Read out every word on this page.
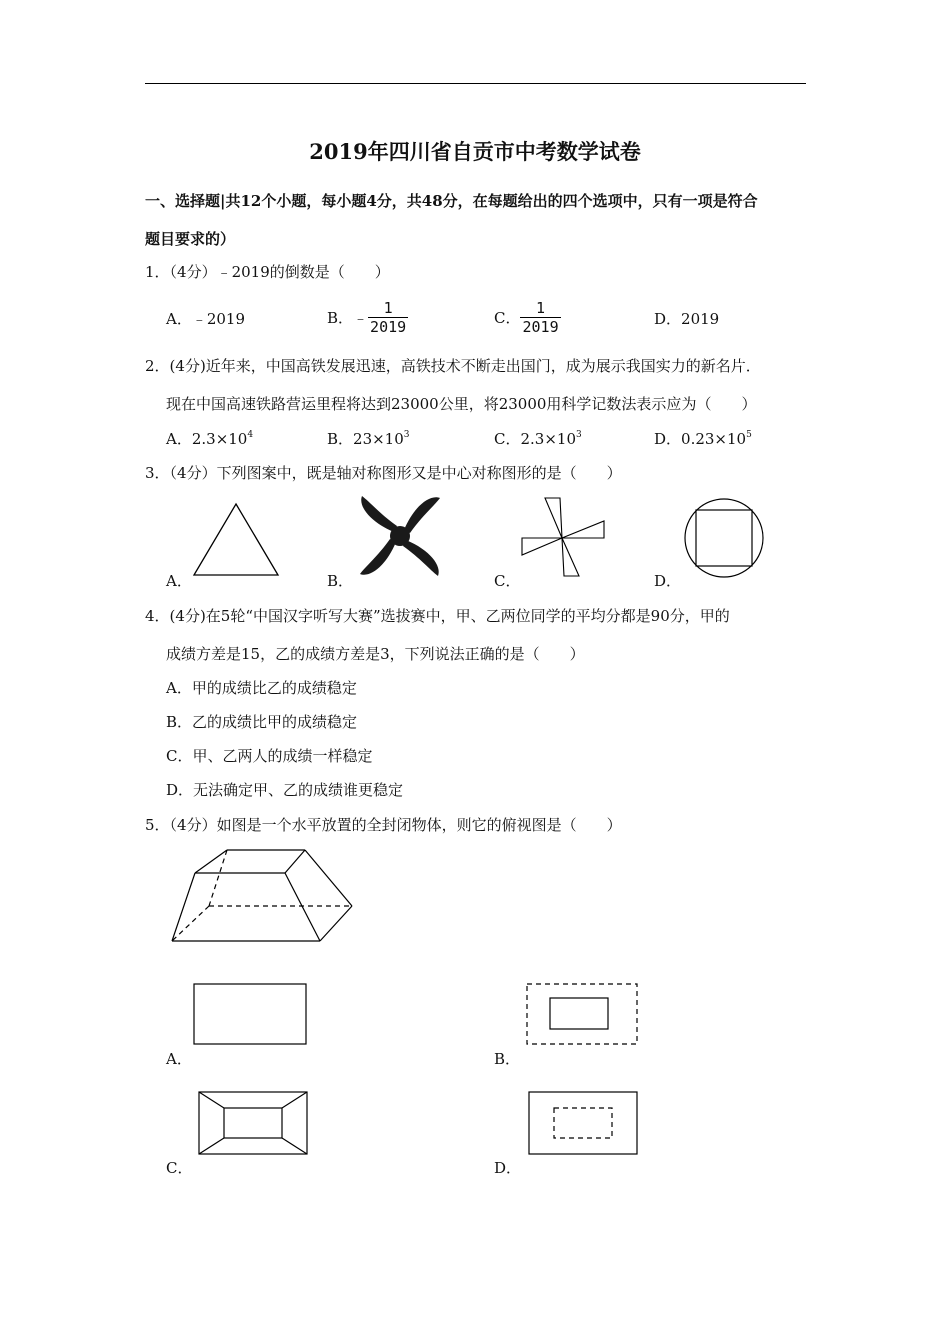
2019年四川省自贡市中考数学试卷
一、选择题|共12个小题，每小题4分，共48分，在每题给出的四个选项中，只有一项是符合
题目要求的）
1．（4分）﹣2019的倒数是（　　）
A．﹣2019	B．﹣ $\frac{1}{2019}$	C． $\frac{1}{2019}$	D．2019
2．(4分)近年来，中国高铁发展迅速，高铁技术不断走出国门，成为展示我国实力的新名片．
现在中国高速铁路营运里程将达到23000公里，将23000用科学记数法表示应为（　　）
A．$2.3\times 10^4$	B．$23\times 10^3$	C．$2.3\times 10^3$	D．$0.23\times 10^5$
3．（4分）下列图案中，既是轴对称图形又是中心对称图形的是（　　）
A．	B．	C．	D．
4．(4分)在5轮“中国汉字听写大赛”选拔赛中，甲、乙两位同学的平均分都是90分，甲的
成绩方差是15，乙的成绩方差是3，下列说法正确的是（　　）
A．甲的成绩比乙的成绩稳定
B．乙的成绩比甲的成绩稳定
C．甲、乙两人的成绩一样稳定
D．无法确定甲、乙的成绩谁更稳定
5．（4分）如图是一个水平放置的全封闭物体，则它的俯视图是（　　）
A．	B．
C．	D．
